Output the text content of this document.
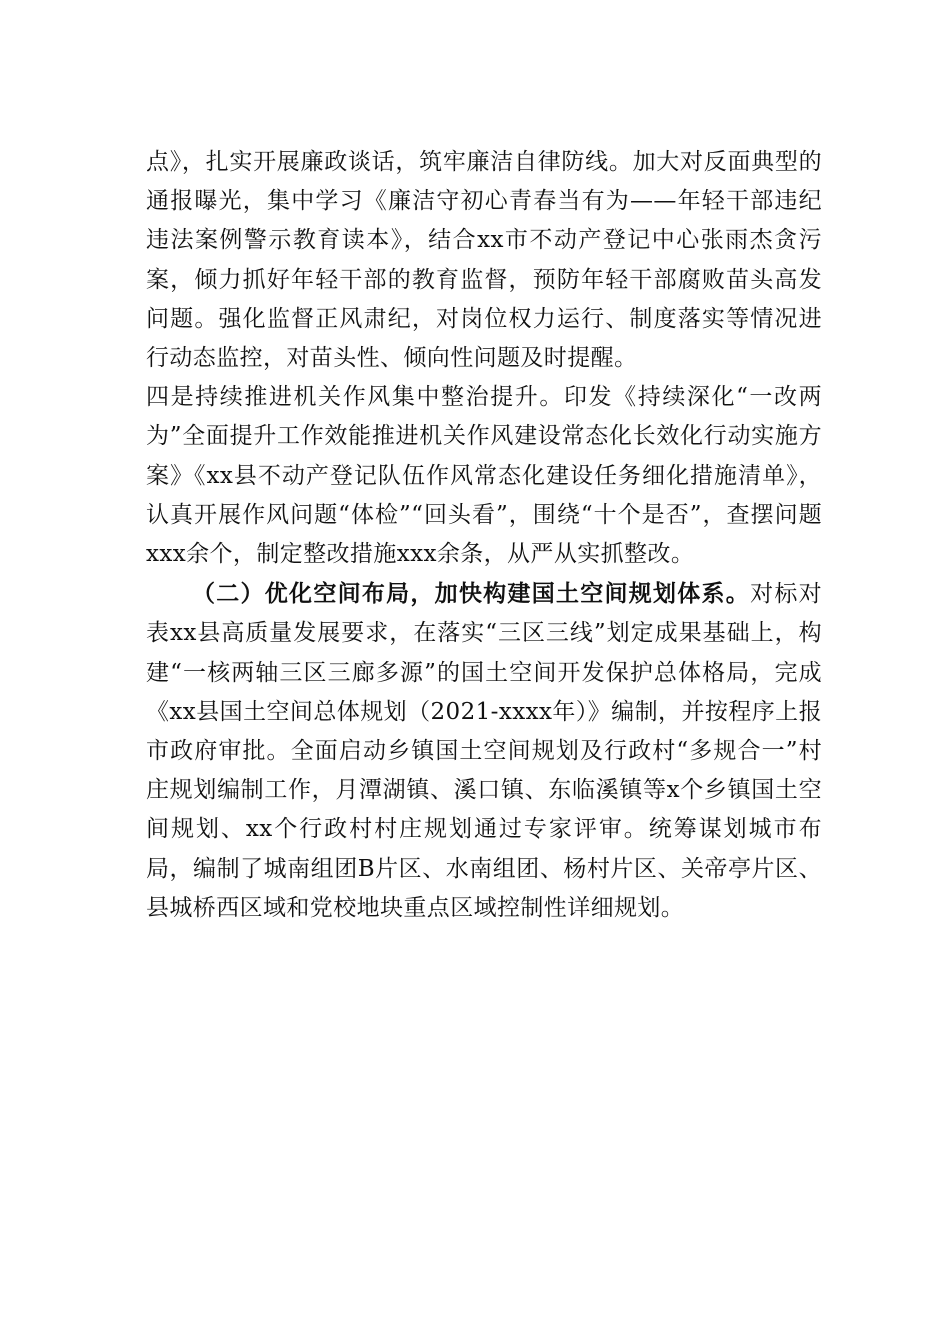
点》，扎实开展廉政谈话，筑牢廉洁自律防线。加大对反面典型的通报曝光，集中学习《廉洁守初心青春当有为——年轻干部违纪违法案例警示教育读本》，结合xx市不动产登记中心张雨杰贪污案，倾力抓好年轻干部的教育监督，预防年轻干部腐败苗头高发问题。强化监督正风肃纪，对岗位权力运行、制度落实等情况进行动态监控，对苗头性、倾向性问题及时提醒。

四是持续推进机关作风集中整治提升。印发《持续深化“一改两为”全面提升工作效能推进机关作风建设常态化长效化行动实施方案》《xx县不动产登记队伍作风常态化建设任务细化措施清单》，认真开展作风问题“体检”“回头看”，围绕“十个是否”，查摆问题xxx余个，制定整改措施xxx余条，从严从实抓整改。

（二）优化空间布局，加快构建国土空间规划体系。对标对表xx县高质量发展要求，在落实“三区三线”划定成果基础上，构建“一核两轴三区三廊多源”的国土空间开发保护总体格局，完成《xx县国土空间总体规划（2021-xxxx年）》编制，并按程序上报市政府审批。全面启动乡镇国土空间规划及行政村“多规合一”村庄规划编制工作，月潭湖镇、溪口镇、东临溪镇等x个乡镇国土空间规划、xx个行政村村庄规划通过专家评审。统筹谋划城市布局，编制了城南组团B片区、水南组团、杨村片区、关帝亭片区、县城桥西区域和党校地块重点区域控制性详细规划。
